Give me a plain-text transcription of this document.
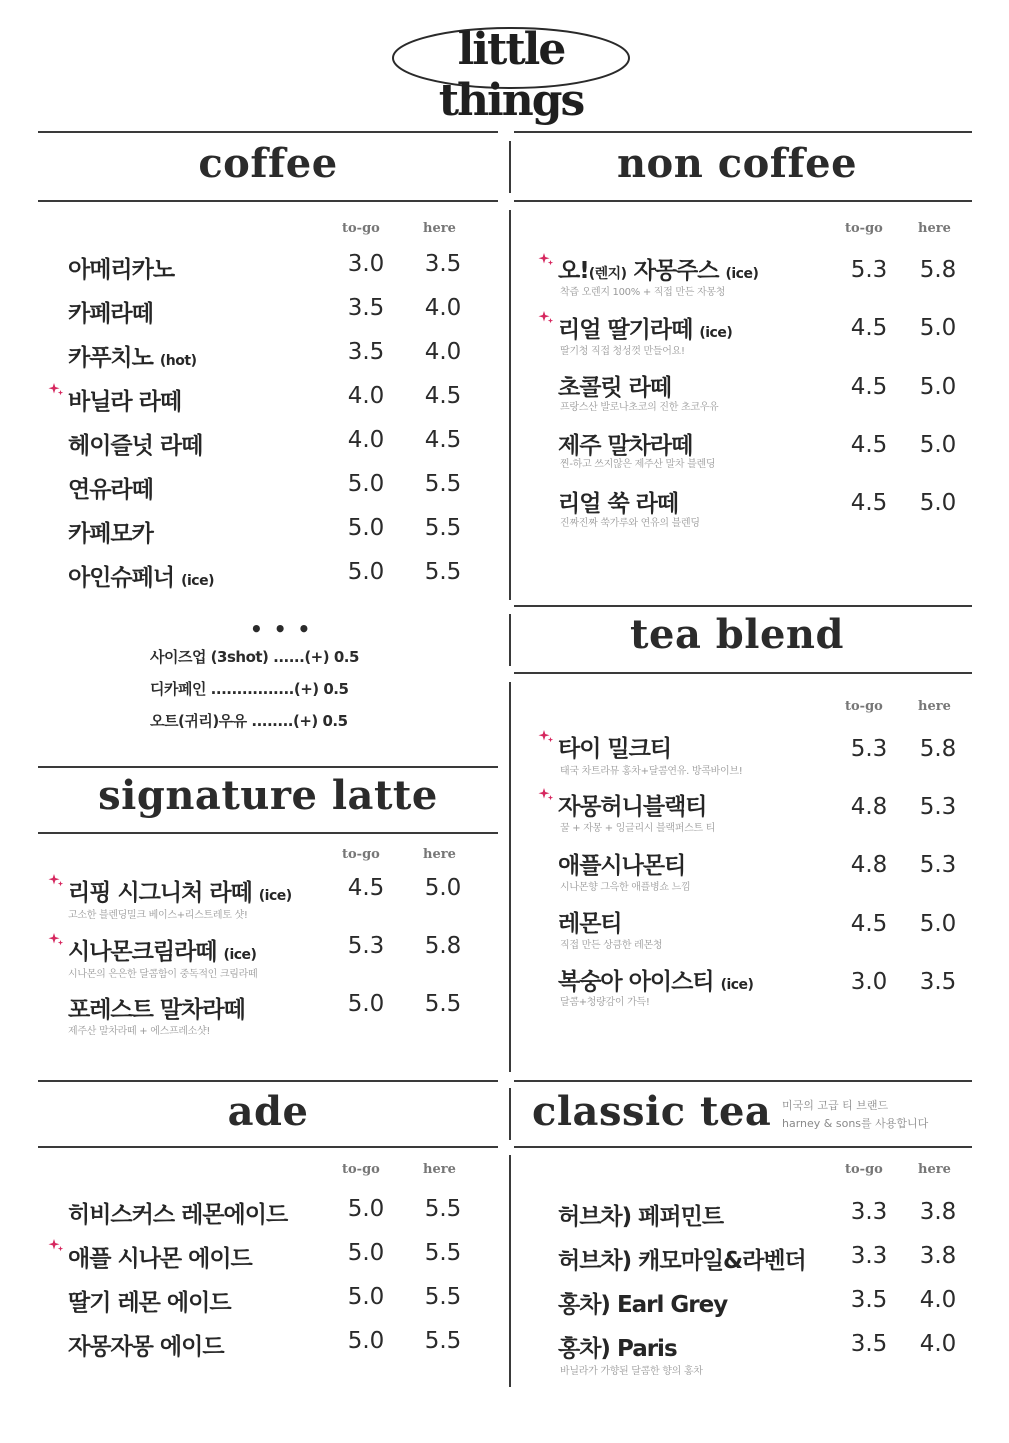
little things
coffee
to-go	here
아메리카노	3.0 3.5
카페라떼	3.5 4.0
카푸치노 (hot)	3.5 4.0
바닐라 라떼	4.0 4.5
헤이즐넛 라떼	4.0 4.5
연유라떼	5.0 5.5
카페모카	5.0 5.5
아인슈페너 (ice)	5.0 5.5
• • •
사이즈업 (3shot) ......(+) 0.5
디카페인 ................(+) 0.5
오트(귀리)우유 ........(+) 0.5
signature latte
to-go	here
리핑 시그니처 라떼 (ice)
고소한 블렌딩밀크 베이스+리스트레토 샷!
4.5 5.0
시나몬크림라떼 (ice)
시나몬의 은은한 달콤함이 중독적인 크림라떼
5.3 5.8
포레스트 말차라떼
제주산 말차라떼 + 에스프레소샷!
5.0 5.5
ade
to-go	here
히비스커스 레몬에이드	5.0 5.5
애플 시나몬 에이드	5.0 5.5
딸기 레몬 에이드	5.0 5.5
자몽자몽 에이드	5.0 5.5
non coffee
to-go	here
오!(렌지) 자몽주스 (ice)
착즙 오렌지 100% + 직접 만든 자몽청
5.3 5.8
리얼 딸기라떼 (ice)
딸기청 직접 청성껏 만들어요!
4.5 5.0
초콜릿 라떼
프랑스산 발로나초코의 진한 초코우유
4.5 5.0
제주 말차라떼
찐-하고 쓰지않은 제주산 말차 블렌딩
4.5 5.0
리얼 쑥 라떼
진짜진짜 쑥가루와 연유의 블렌딩
4.5 5.0
tea blend
to-go	here
타이 밀크티
태국 차트라뮤 홍차+달콤연유. 방콕바이브!
5.3 5.8
자몽허니블랙티
꿀 + 자몽 + 잉글리시 블랙퍼스트 티
4.8 5.3
애플시나몬티
시나몬향 그윽한 애플병쇼 느낌
4.8 5.3
레몬티
직접 만든 상큼한 레몬청
4.5 5.0
복숭아 아이스티 (ice)
달콤+청량감이 가득!
3.0 3.5
classic tea 미국의 고급 티 브랜드
harney & sons를 사용합니다
to-go	here
허브차) 페퍼민트	3.3 3.8
허브차) 캐모마일&라벤더 3.3 3.8
홍차) Earl Grey	3.5 4.0
홍차) Paris
바닐라가 가향된 달콤한 향의 홍차
3.5 4.0
